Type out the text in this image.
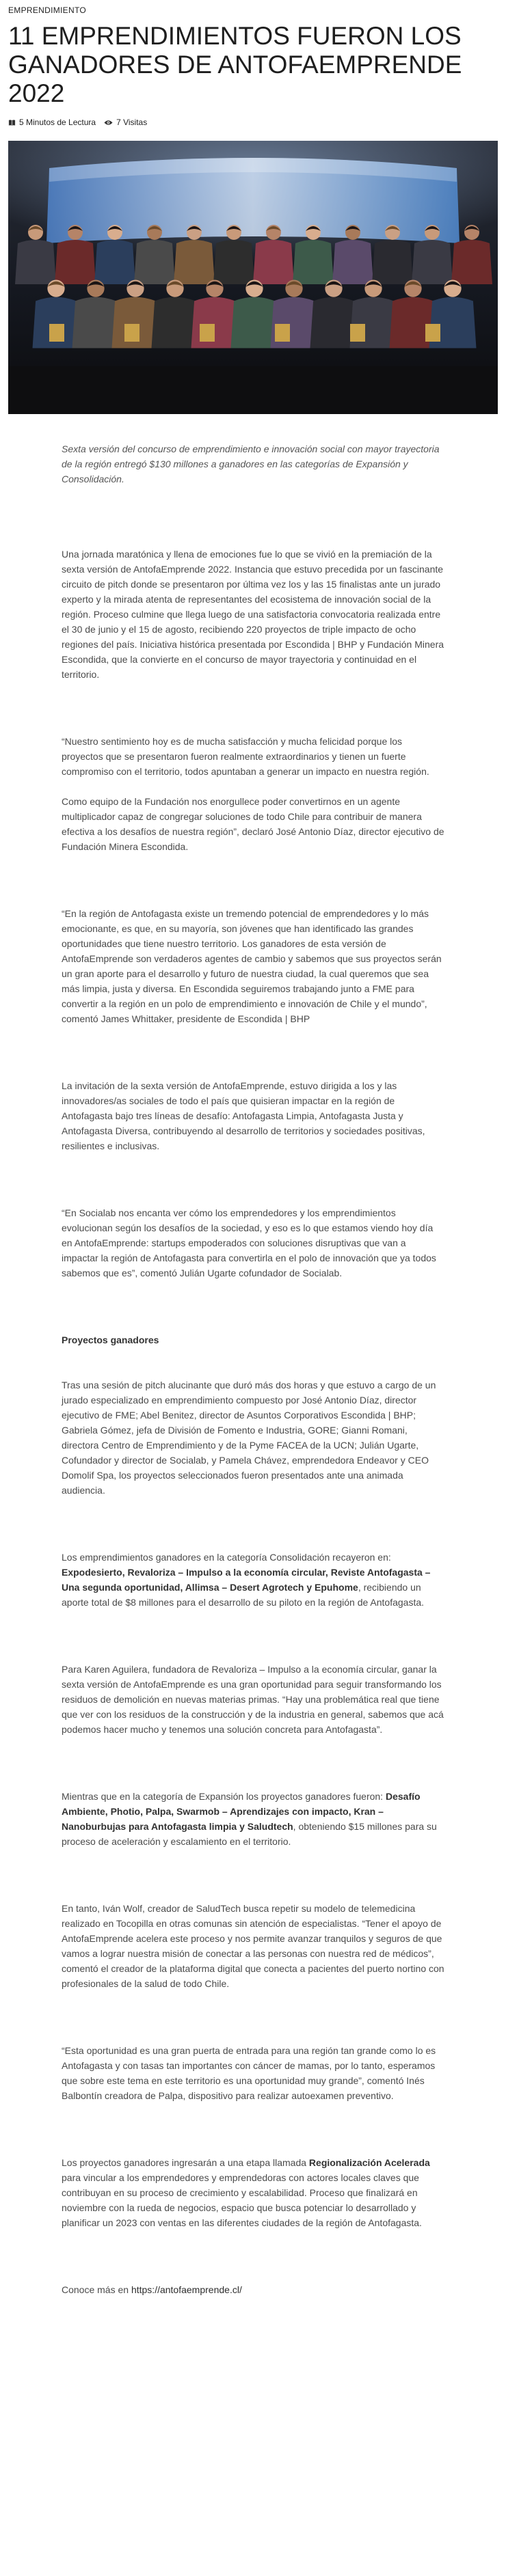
EMPRENDIMIENTO
11 EMPRENDIMIENTOS FUERON LOS GANADORES DE ANTOFAEMPRENDE 2022
5 Minutos de Lectura	7 Visitas

Sexta versión del concurso de emprendimiento e innovación social con mayor trayectoria de la región entregó $130 millones a ganadores en las categorías de Expansión y Consolidación.

Una jornada maratónica y llena de emociones fue lo que se vivió en la premiación de la sexta versión de AntofaEmprende 2022. Instancia que estuvo precedida por un fascinante circuito de pitch donde se presentaron por última vez los y las 15 finalistas ante un jurado experto y la mirada atenta de representantes del ecosistema de innovación social de la región. Proceso culmine que llega luego de una satisfactoria convocatoria realizada entre el 30 de junio y el 15 de agosto, recibiendo 220 proyectos de triple impacto de ocho regiones del país. Iniciativa histórica presentada por Escondida | BHP y Fundación Minera Escondida, que la convierte en el concurso de mayor trayectoria y continuidad en el territorio.

“Nuestro sentimiento hoy es de mucha satisfacción y mucha felicidad porque los proyectos que se presentaron fueron realmente extraordinarios y tienen un fuerte compromiso con el territorio, todos apuntaban a generar un impacto en nuestra región.

Como equipo de la Fundación nos enorgullece poder convertirnos en un agente multiplicador capaz de congregar soluciones de todo Chile para contribuir de manera efectiva a los desafíos de nuestra región”, declaró José Antonio Díaz, director ejecutivo de Fundación Minera Escondida.

“En la región de Antofagasta existe un tremendo potencial de emprendedores y lo más emocionante, es que, en su mayoría, son jóvenes que han identificado las grandes oportunidades que tiene nuestro territorio. Los ganadores de esta versión de AntofaEmprende son verdaderos agentes de cambio y sabemos que sus proyectos serán un gran aporte para el desarrollo y futuro de nuestra ciudad, la cual queremos que sea más limpia, justa y diversa. En Escondida seguiremos trabajando junto a FME para convertir a la región en un polo de emprendimiento e innovación de Chile y el mundo”, comentó James Whittaker, presidente de Escondida | BHP

La invitación de la sexta versión de AntofaEmprende, estuvo dirigida a los y las innovadores/as sociales de todo el país que quisieran impactar en la región de Antofagasta bajo tres líneas de desafío: Antofagasta Limpia, Antofagasta Justa y Antofagasta Diversa, contribuyendo al desarrollo de territorios y sociedades positivas, resilientes e inclusivas.

“En Socialab nos encanta ver cómo los emprendedores y los emprendimientos evolucionan según los desafíos de la sociedad, y eso es lo que estamos viendo hoy día en AntofaEmprende: startups empoderados con soluciones disruptivas que van a impactar la región de Antofagasta para convertirla en el polo de innovación que ya todos sabemos que es”, comentó Julián Ugarte cofundador de Socialab.

Proyectos ganadores

Tras una sesión de pitch alucinante que duró más dos horas y que estuvo a cargo de un jurado especializado en emprendimiento compuesto por José Antonio Díaz, director ejecutivo de FME; Abel Benitez, director de Asuntos Corporativos Escondida | BHP; Gabriela Gómez, jefa de División de Fomento e Industria, GORE; Gianni Romani, directora Centro de Emprendimiento y de la Pyme FACEA de la UCN; Julián Ugarte, Cofundador y director de Socialab, y Pamela Chávez, emprendedora Endeavor y CEO Domolif Spa, los proyectos seleccionados fueron presentados ante una animada audiencia.

Los emprendimientos ganadores en la categoría Consolidación recayeron en: Expodesierto, Revaloriza – Impulso a la economía circular, Reviste Antofagasta – Una segunda oportunidad, Allimsa – Desert Agrotech y Epuhome, recibiendo un aporte total de $8 millones para el desarrollo de su piloto en la región de Antofagasta.

Para Karen Aguilera, fundadora de Revaloriza – Impulso a la economía circular, ganar la sexta versión de AntofaEmprende es una gran oportunidad para seguir transformando los residuos de demolición en nuevas materias primas. “Hay una problemática real que tiene que ver con los residuos de la construcción y de la industria en general, sabemos que acá podemos hacer mucho y tenemos una solución concreta para Antofagasta”.

Mientras que en la categoría de Expansión los proyectos ganadores fueron: Desafío Ambiente, Photio, Palpa, Swarmob – Aprendizajes con impacto, Kran – Nanoburbujas para Antofagasta limpia y Saludtech, obteniendo $15 millones para su proceso de aceleración y escalamiento en el territorio.

En tanto, Iván Wolf, creador de SaludTech busca repetir su modelo de telemedicina realizado en Tocopilla en otras comunas sin atención de especialistas. “Tener el apoyo de AntofaEmprende acelera este proceso y nos permite avanzar tranquilos y seguros de que vamos a lograr nuestra misión de conectar a las personas con nuestra red de médicos”, comentó el creador de la plataforma digital que conecta a pacientes del puerto nortino con profesionales de la salud de todo Chile.

“Esta oportunidad es una gran puerta de entrada para una región tan grande como lo es Antofagasta y con tasas tan importantes con cáncer de mamas, por lo tanto, esperamos que sobre este tema en este territorio es una oportunidad muy grande”, comentó Inés Balbontín creadora de Palpa, dispositivo para realizar autoexamen preventivo.

Los proyectos ganadores ingresarán a una etapa llamada Regionalización Acelerada para vincular a los emprendedores y emprendedoras con actores locales claves que contribuyan en su proceso de crecimiento y escalabilidad. Proceso que finalizará en noviembre con la rueda de negocios, espacio que busca potenciar lo desarrollado y planificar un 2023 con ventas en las diferentes ciudades de la región de Antofagasta.

Conoce más en https://antofaemprende.cl/
